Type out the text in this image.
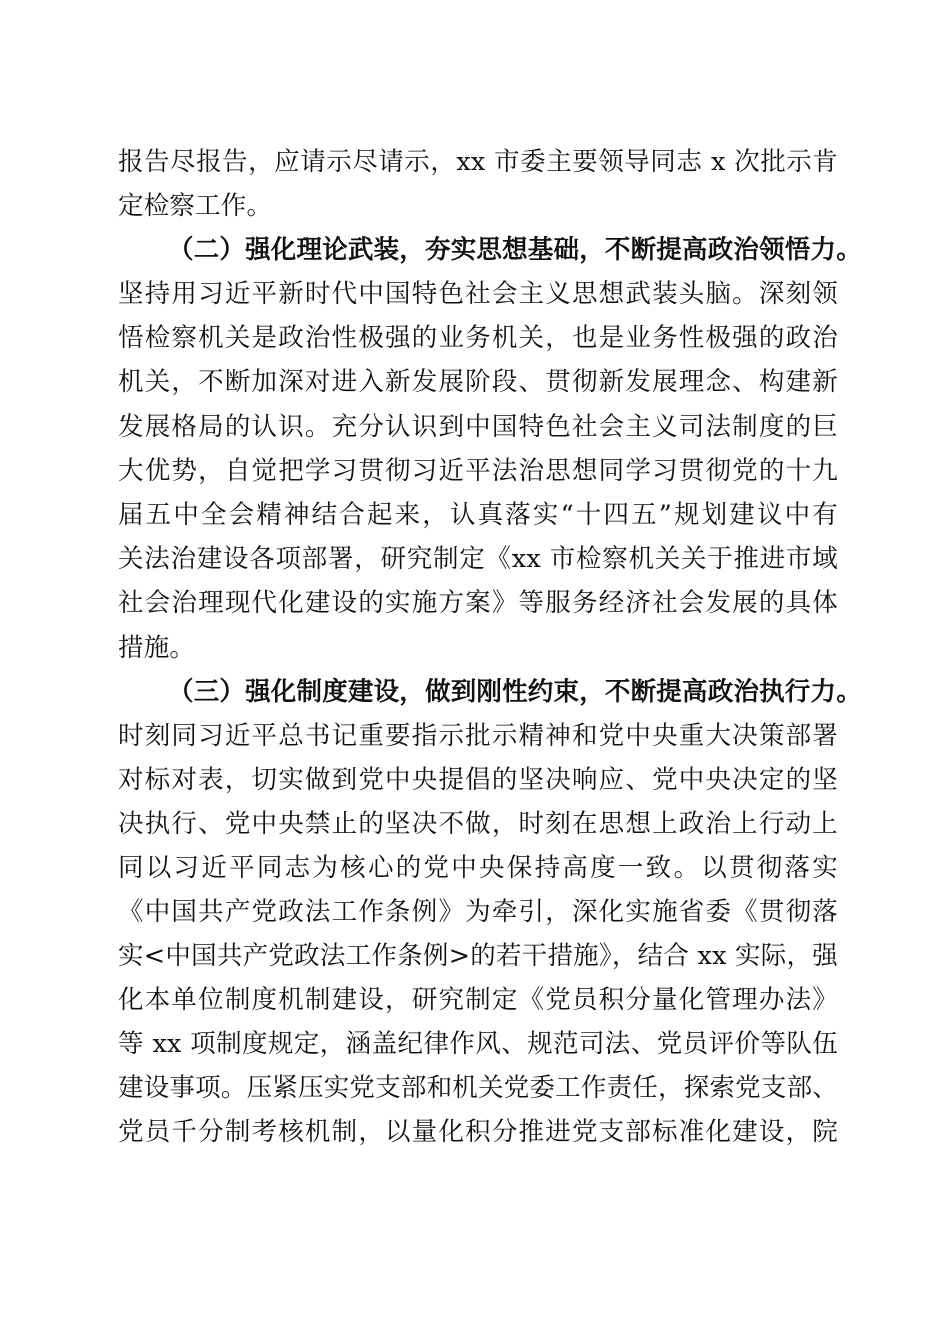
报告尽报告，应请示尽请示，xx 市委主要领导同志 x 次批示肯
定检察工作。
（二）强化理论武装，夯实思想基础，不断提高政治领悟力。
坚持用习近平新时代中国特色社会主义思想武装头脑。深刻领
悟检察机关是政治性极强的业务机关，也是业务性极强的政治
机关，不断加深对进入新发展阶段、贯彻新发展理念、构建新
发展格局的认识。充分认识到中国特色社会主义司法制度的巨
大优势，自觉把学习贯彻习近平法治思想同学习贯彻党的十九
届五中全会精神结合起来，认真落实“十四五”规划建议中有
关法治建设各项部署，研究制定《xx 市检察机关关于推进市域
社会治理现代化建设的实施方案》等服务经济社会发展的具体
措施。
（三）强化制度建设，做到刚性约束，不断提高政治执行力。
时刻同习近平总书记重要指示批示精神和党中央重大决策部署
对标对表，切实做到党中央提倡的坚决响应、党中央决定的坚
决执行、党中央禁止的坚决不做，时刻在思想上政治上行动上
同以习近平同志为核心的党中央保持高度一致。以贯彻落实
《中国共产党政法工作条例》为牵引，深化实施省委《贯彻落
实<中国共产党政法工作条例>的若干措施》，结合 xx 实际，强
化本单位制度机制建设，研究制定《党员积分量化管理办法》
等 xx 项制度规定，涵盖纪律作风、规范司法、党员评价等队伍
建设事项。压紧压实党支部和机关党委工作责任，探索党支部、
党员千分制考核机制，以量化积分推进党支部标准化建设，院
